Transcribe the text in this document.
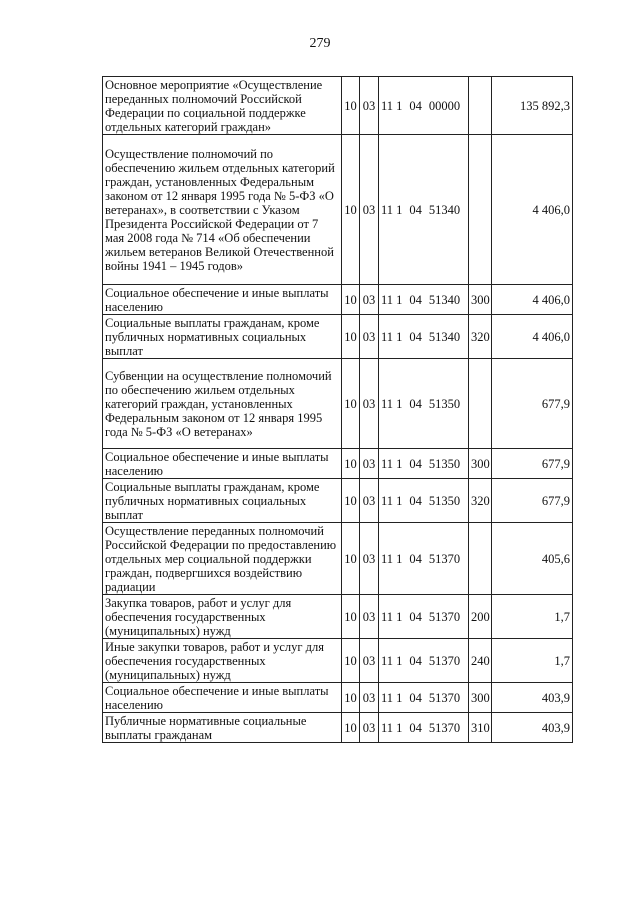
279
Основное мероприятие «Осуществление переданных полномочий Российской Федерации по социальной поддержке отдельных категорий граждан»	10	03	11 1 04 00000		135 892,3
Осуществление полномочий по обеспечению жильем отдельных категорий граждан, установленных Федеральным законом от 12 января 1995 года № 5-ФЗ «О ветеранах», в соответствии с Указом Президента Российской Федерации от 7 мая 2008 года № 714 «Об обеспечении жильем ветеранов Великой Отечественной войны 1941 – 1945 годов»	10	03	11 1 04 51340		4 406,0
Социальное обеспечение и иные выплаты населению	10	03	11 1 04 51340	300	4 406,0
Социальные выплаты гражданам, кроме публичных нормативных социальных выплат	10	03	11 1 04 51340	320	4 406,0
Субвенции на осуществление полномочий по обеспечению жильем отдельных категорий граждан, установленных Федеральным законом от 12 января 1995 года № 5-ФЗ «О ветеранах»	10	03	11 1 04 51350		677,9
Социальное обеспечение и иные выплаты населению	10	03	11 1 04 51350	300	677,9
Социальные выплаты гражданам, кроме публичных нормативных социальных выплат	10	03	11 1 04 51350	320	677,9
Осуществление переданных полномочий Российской Федерации по предоставлению отдельных мер социальной поддержки граждан, подвергшихся воздействию радиации	10	03	11 1 04 51370		405,6
Закупка товаров, работ и услуг для обеспечения государственных (муниципальных) нужд	10	03	11 1 04 51370	200	1,7
Иные закупки товаров, работ и услуг для обеспечения государственных (муниципальных) нужд	10	03	11 1 04 51370	240	1,7
Социальное обеспечение и иные выплаты населению	10	03	11 1 04 51370	300	403,9
Публичные нормативные социальные выплаты гражданам	10	03	11 1 04 51370	310	403,9
